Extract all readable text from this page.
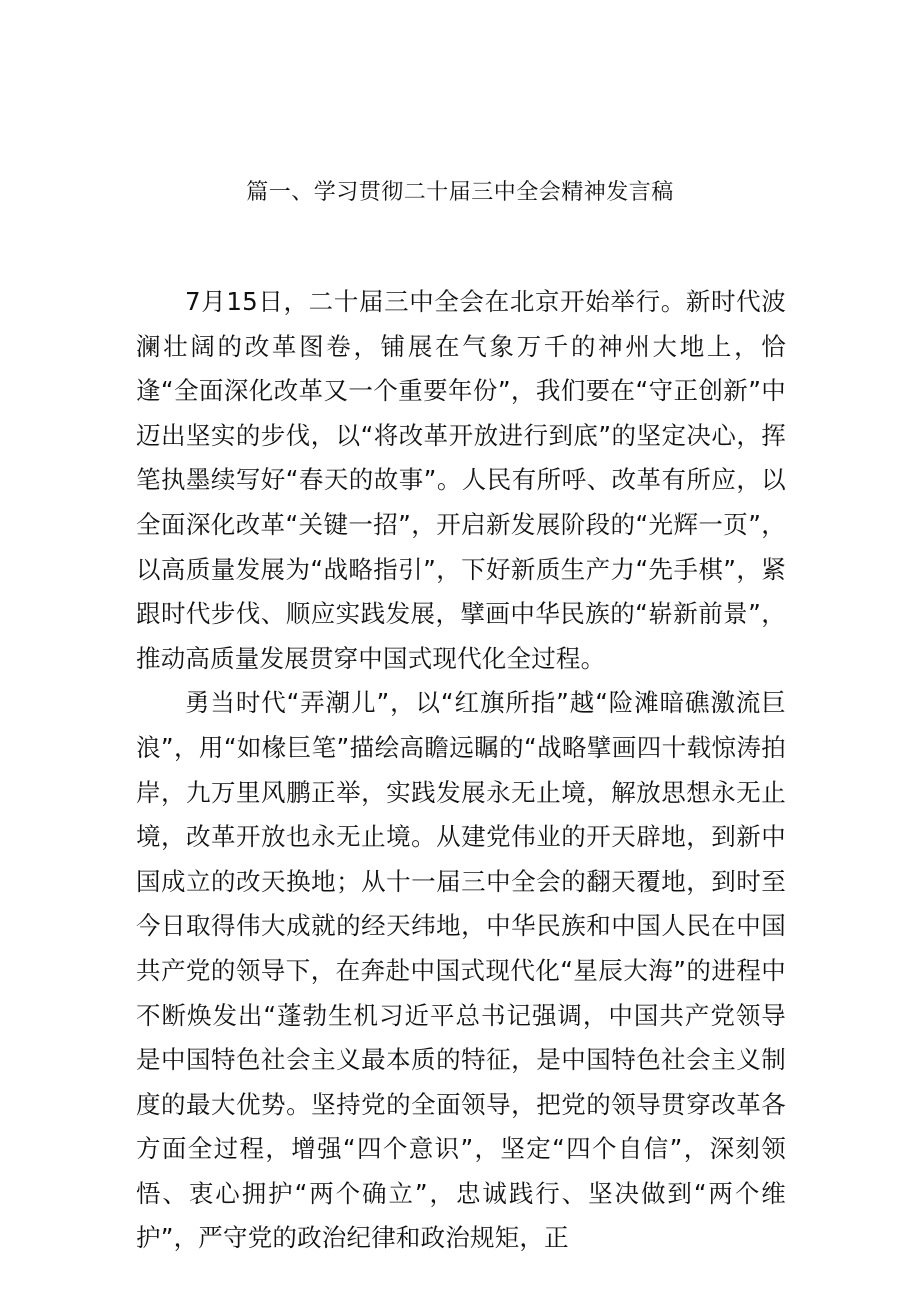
篇一、学习贯彻二十届三中全会精神发言稿

7月15日，二十届三中全会在北京开始举行。新时代波澜壮阔的改革图卷，铺展在气象万千的神州大地上，恰逢“全面深化改革又一个重要年份”，我们要在“守正创新”中迈出坚实的步伐，以“将改革开放进行到底”的坚定决心，挥笔执墨续写好“春天的故事”。人民有所呼、改革有所应，以全面深化改革“关键一招”，开启新发展阶段的“光辉一页”，以高质量发展为“战略指引”，下好新质生产力“先手棋”，紧跟时代步伐、顺应实践发展，擘画中华民族的“崭新前景”，推动高质量发展贯穿中国式现代化全过程。

勇当时代“弄潮儿”，以“红旗所指”越“险滩暗礁激流巨浪”，用“如椽巨笔”描绘高瞻远瞩的“战略擘画四十载惊涛拍岸，九万里风鹏正举，实践发展永无止境，解放思想永无止境，改革开放也永无止境。从建党伟业的开天辟地，到新中国成立的改天换地；从十一届三中全会的翻天覆地，到时至今日取得伟大成就的经天纬地，中华民族和中国人民在中国共产党的领导下，在奔赴中国式现代化“星辰大海”的进程中不断焕发出“蓬勃生机习近平总书记强调，中国共产党领导是中国特色社会主义最本质的特征，是中国特色社会主义制度的最大优势。坚持党的全面领导，把党的领导贯穿改革各方面全过程，增强“四个意识”，坚定“四个自信”，深刻领悟、衷心拥护“两个确立”，忠诚践行、坚决做到“两个维护”，严守党的政治纪律和政治规矩，正
